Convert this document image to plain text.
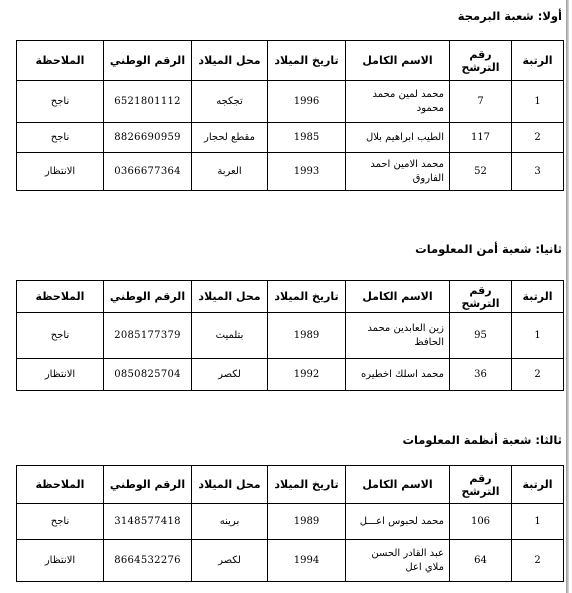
أولا: شعبة البرمجة
الرتبة	رقم الترشح	الاسم الكامل	تاريخ الميلاد	محل الميلاد	الرقم الوطني	الملاحظة
1	7	محمد لمين محمد محمود	1996	تجكجه	6521801112	ناجح
2	117	الطيب ابراهيم بلال	1985	مقطع لحجار	8826690959	ناجح
3	52	محمد الامين احمد الفاروق	1993	العربة	0366677364	الانتظار
ثانيا: شعبة أمن المعلومات
الرتبة	رقم الترشح	الاسم الكامل	تاريخ الميلاد	محل الميلاد	الرقم الوطني	الملاحظة
1	95	زين العابدين محمد الحافظ	1989	بتلميت	2085177379	ناجح
2	36	محمد اسلك اخطيره	1992	لكصر	0850825704	الانتظار
ثالثا: شعبة أنظمة المعلومات
الرتبة	رقم الترشح	الاسم الكامل	تاريخ الميلاد	محل الميلاد	الرقم الوطني	الملاحظة
1	106	محمد لحبوس اعـــل	1989	برينه	3148577418	ناجح
2	64	عبد القادر الحسن ملاي اعل	1994	لكصر	8664532276	الانتظار
